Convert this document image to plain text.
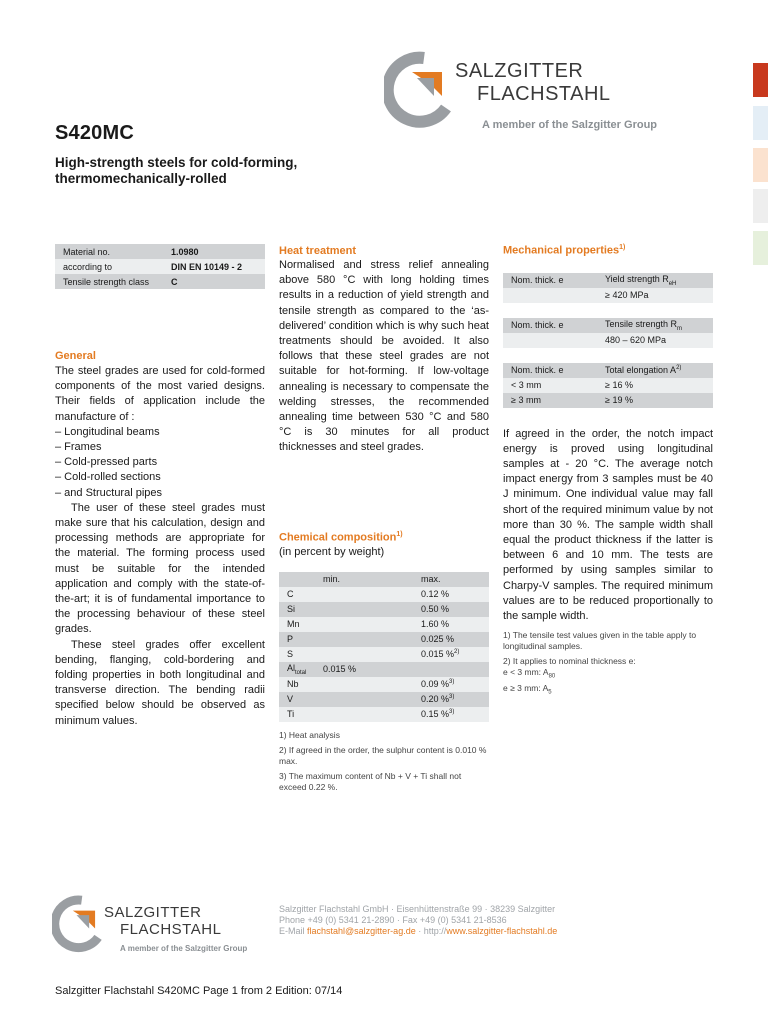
SALZGITTER
FLACHSTAHL
A member of the Salzgitter Group
S420MC
High-strength steels for cold-forming, thermomechanically-rolled
Material no.	1.0980
according to	DIN EN 10149 - 2
Tensile strength class	C
General

The steel grades are used for cold-formed components of the most varied designs. Their fields of application include the manufacture of :

– Longitudinal beams
– Frames
– Cold-pressed parts
– Cold-rolled sections
– and Structural pipes

The user of these steel grades must make sure that his calculation, design and processing methods are appropriate for the material. The forming process used must be suitable for the intended application and comply with the state-of-the-art; it is of fundamental importance to the processing behaviour of these steel grades.

These steel grades offer excellent bending, flanging, cold-bordering and folding properties in both longitudinal and transverse direction. The bending radii specified below should be observed as minimum values.

Heat treatment
Normalised and stress relief annealing above 580 °C with long holding times results in a reduction of yield strength and tensile strength as compared to the ‘as-delivered’ condition which is why such heat treatments should be avoided. It also follows that these steel grades are not suitable for hot-forming. If low-voltage annealing is necessary to compensate the welding stresses, the recommended annealing time between 530 °C and 580 °C is 30 minutes for all product thicknesses and steel grades.
Chemical composition$^{1)}$
(in percent by weight)
	min.	max.
C		0.12 %
Si		0.50 %
Mn		1.60 %
P		0.025 %
S		0.015 %$^{2)}$
$Al_{total}$	0.015 %	
Nb		0.09 %$^{3)}$
V		0.20 %$^{3)}$
Ti		0.15 %$^{3)}$

1) Heat analysis

2) If agreed in the order, the sulphur content is 0.010 % max.

3) The maximum content of Nb + V + Ti shall not exceed 0.22 %.

Mechanical properties$^{1)}$
Nom. thick. e	Yield strength $R_{eH}$
	≥ 420 MPa
Nom. thick. e	Tensile strength $R_m$
	480 – 620 MPa
Nom. thick. e	Total elongation $A^{2)}$
< 3 mm	≥ 16 %
≥ 3 mm	≥ 19 %
If agreed in the order, the notch impact energy is proved using longitudinal samples at - 20 °C. The average notch impact energy from 3 samples must be 40 J minimum. One individual value may fall short of the required minimum value by not more than 30 %. The sample width shall equal the product thickness if the latter is between 6 and 10 mm. The tests are performed by using samples similar to Charpy-V samples. The required minimum values are to be reduced proportionally to the sample width.

1) The tensile test values given in the table apply to longitudinal samples.

2) It applies to nominal thickness e:

e < 3 mm: $A_{80}$

e ≥ 3 mm: $A_5$

SALZGITTER
FLACHSTAHL
A member of the Salzgitter Group
Salzgitter Flachstahl GmbH · Eisenhüttenstraße 99 · 38239 Salzgitter
Phone +49 (0) 5341 21-2890 · Fax +49 (0) 5341 21-8536
E-Mail flachstahl@salzgitter-ag.de · http://www.salzgitter-flachstahl.de
Salzgitter Flachstahl S420MC Page 1 from 2 Edition: 07/14
